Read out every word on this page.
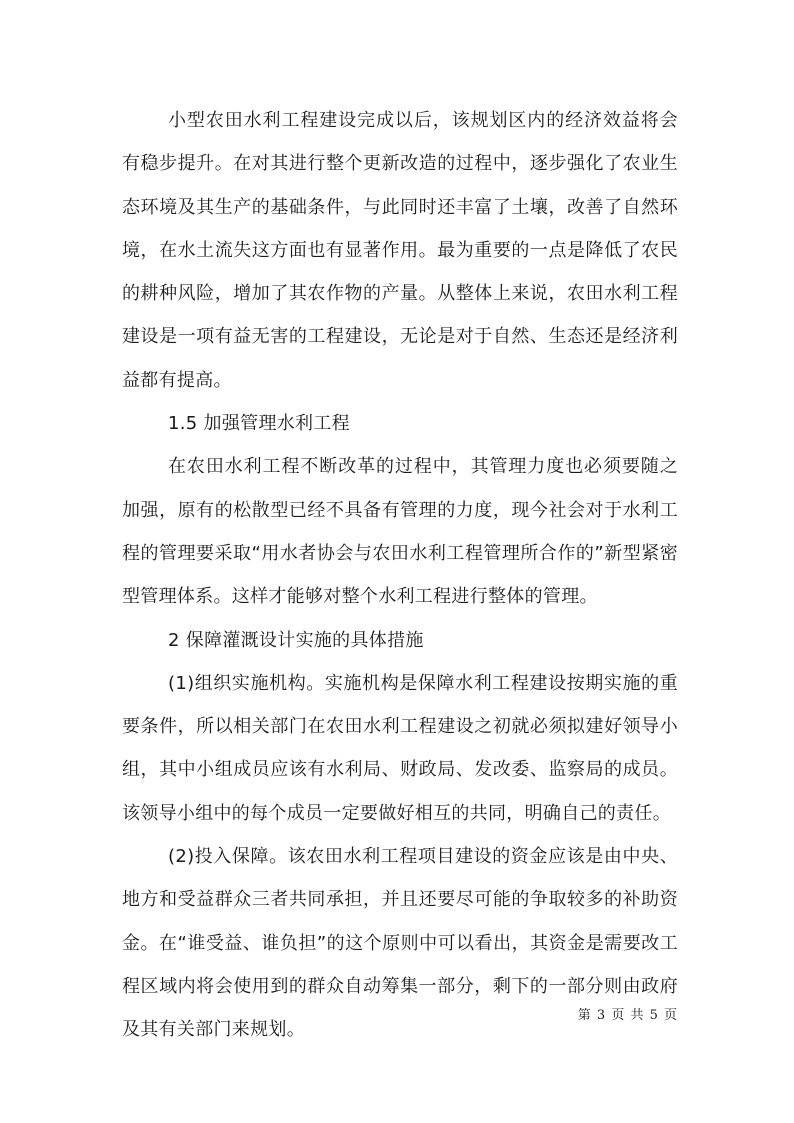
小型农田水利工程建设完成以后，该规划区内的经济效益将会有稳步提升。在对其进行整个更新改造的过程中，逐步强化了农业生态环境及其生产的基础条件，与此同时还丰富了土壤，改善了自然环境，在水土流失这方面也有显著作用。最为重要的一点是降低了农民的耕种风险，增加了其农作物的产量。从整体上来说，农田水利工程建设是一项有益无害的工程建设，无论是对于自然、生态还是经济利益都有提高。

1.5 加强管理水利工程

在农田水利工程不断改革的过程中，其管理力度也必须要随之加强，原有的松散型已经不具备有管理的力度，现今社会对于水利工程的管理要采取“用水者协会与农田水利工程管理所合作的”新型紧密型管理体系。这样才能够对整个水利工程进行整体的管理。

2 保障灌溉设计实施的具体措施

(1)组织实施机构。实施机构是保障水利工程建设按期实施的重要条件，所以相关部门在农田水利工程建设之初就必须拟建好领导小组，其中小组成员应该有水利局、财政局、发改委、监察局的成员。该领导小组中的每个成员一定要做好相互的共同，明确自己的责任。

(2)投入保障。该农田水利工程项目建设的资金应该是由中央、地方和受益群众三者共同承担，并且还要尽可能的争取较多的补助资金。在“谁受益、谁负担”的这个原则中可以看出，其资金是需要改工程区域内将会使用到的群众自动筹集一部分，剩下的一部分则由政府及其有关部门来规划。

第 3 页 共 5 页
